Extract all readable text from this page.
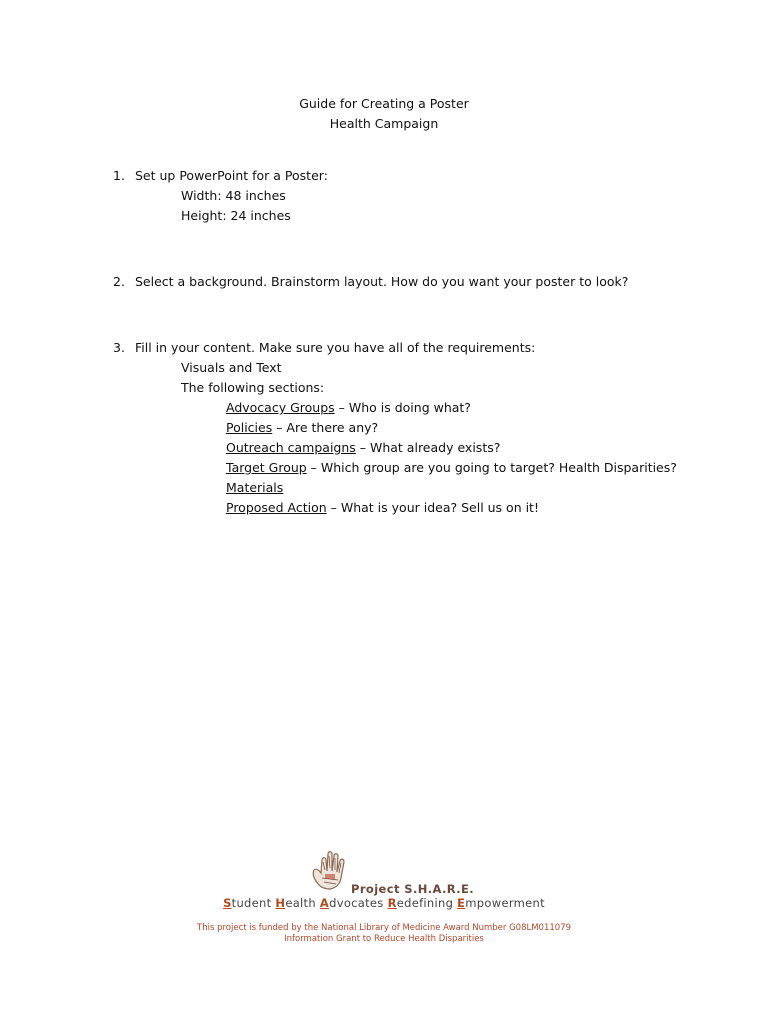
Guide for Creating a Poster
Health Campaign
1. Set up PowerPoint for a Poster:
Width: 48 inches
Height: 24 inches
2. Select a background. Brainstorm layout. How do you want your poster to look?
3. Fill in your content. Make sure you have all of the requirements:
Visuals and Text
The following sections:
Advocacy Groups – Who is doing what?
Policies – Are there any?
Outreach campaigns – What already exists?
Target Group – Which group are you going to target? Health Disparities?
Materials
Proposed Action – What is your idea? Sell us on it!
Project S.H.A.R.E.
Student Health Advocates Redefining Empowerment
This project is funded by the National Library of Medicine Award Number G08LM011079
Information Grant to Reduce Health Disparities
